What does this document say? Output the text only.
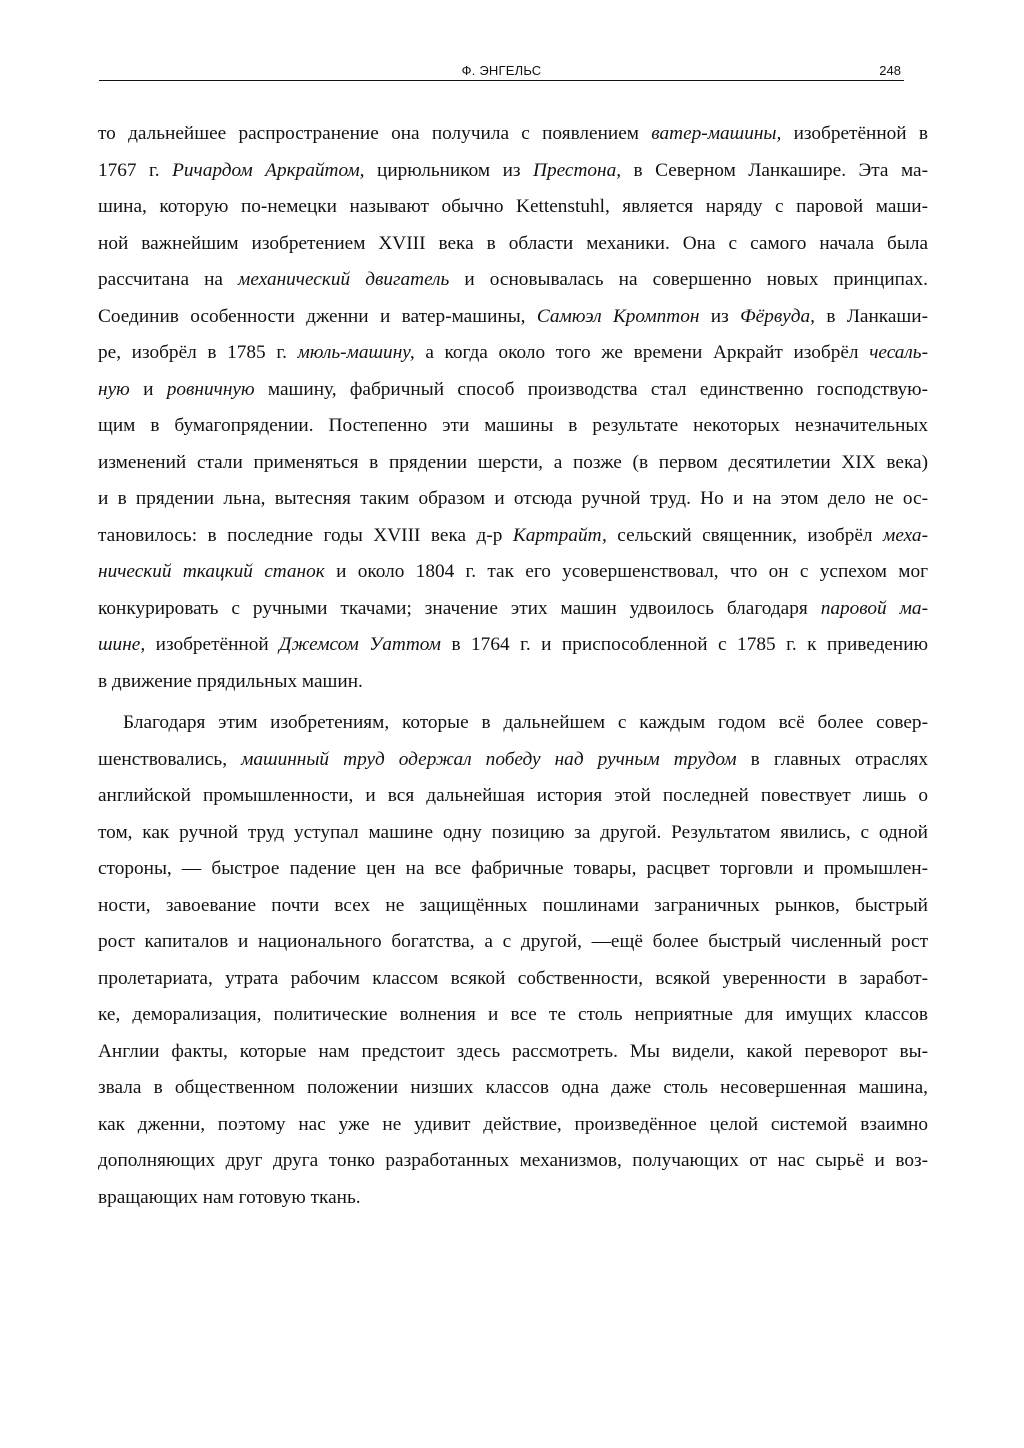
Ф. ЭНГЕЛЬС	248
то дальнейшее распространение она получила с появлением ватер-машины, изобретённой в
1767 г. Ричардом Аркрайтом, цирюльником из Престона, в Северном Ланкашире. Эта ма-
шина, которую по-немецки называют обычно Kettenstuhl, является наряду с паровой маши-
ной важнейшим изобретением XVIII века в области механики. Она с самого начала была
рассчитана на механический двигатель и основывалась на совершенно новых принципах.
Соединив особенности дженни и ватер-машины, Самюэл Кромптон из Фёрвуда, в Ланкаши-
ре, изобрёл в 1785 г. мюль-машину, а когда около того же времени Аркрайт изобрёл чесаль-
ную и ровничную машину, фабричный способ производства стал единственно господствую-
щим в бумагопрядении. Постепенно эти машины в результате некоторых незначительных
изменений стали применяться в прядении шерсти, а позже (в первом десятилетии XIX века)
и в прядении льна, вытесняя таким образом и отсюда ручной труд. Но и на этом дело не ос-
тановилось: в последние годы XVIII века д-р Картрайт, сельский священник, изобрёл меха-
нический ткацкий станок и около 1804 г. так его усовершенствовал, что он с успехом мог
конкурировать с ручными ткачами; значение этих машин удвоилось благодаря паровой ма-
шине, изобретённой Джемсом Уаттом в 1764 г. и приспособленной с 1785 г. к приведению
в движение прядильных машин.
Благодаря этим изобретениям, которые в дальнейшем с каждым годом всё более совер-
шенствовались, машинный труд одержал победу над ручным трудом в главных отраслях
английской промышленности, и вся дальнейшая история этой последней повествует лишь о
том, как ручной труд уступал машине одну позицию за другой. Результатом явились, с одной
стороны, — быстрое падение цен на все фабричные товары, расцвет торговли и промышлен-
ности, завоевание почти всех не защищённых пошлинами заграничных рынков, быстрый
рост капиталов и национального богатства, а с другой, —ещё более быстрый численный рост
пролетариата, утрата рабочим классом всякой собственности, всякой уверенности в заработ-
ке, деморализация, политические волнения и все те столь неприятные для имущих классов
Англии факты, которые нам предстоит здесь рассмотреть. Мы видели, какой переворот вы-
звала в общественном положении низших классов одна даже столь несовершенная машина,
как дженни, поэтому нас уже не удивит действие, произведённое целой системой взаимно
дополняющих друг друга тонко разработанных механизмов, получающих от нас сырьё и воз-
вращающих нам готовую ткань.
